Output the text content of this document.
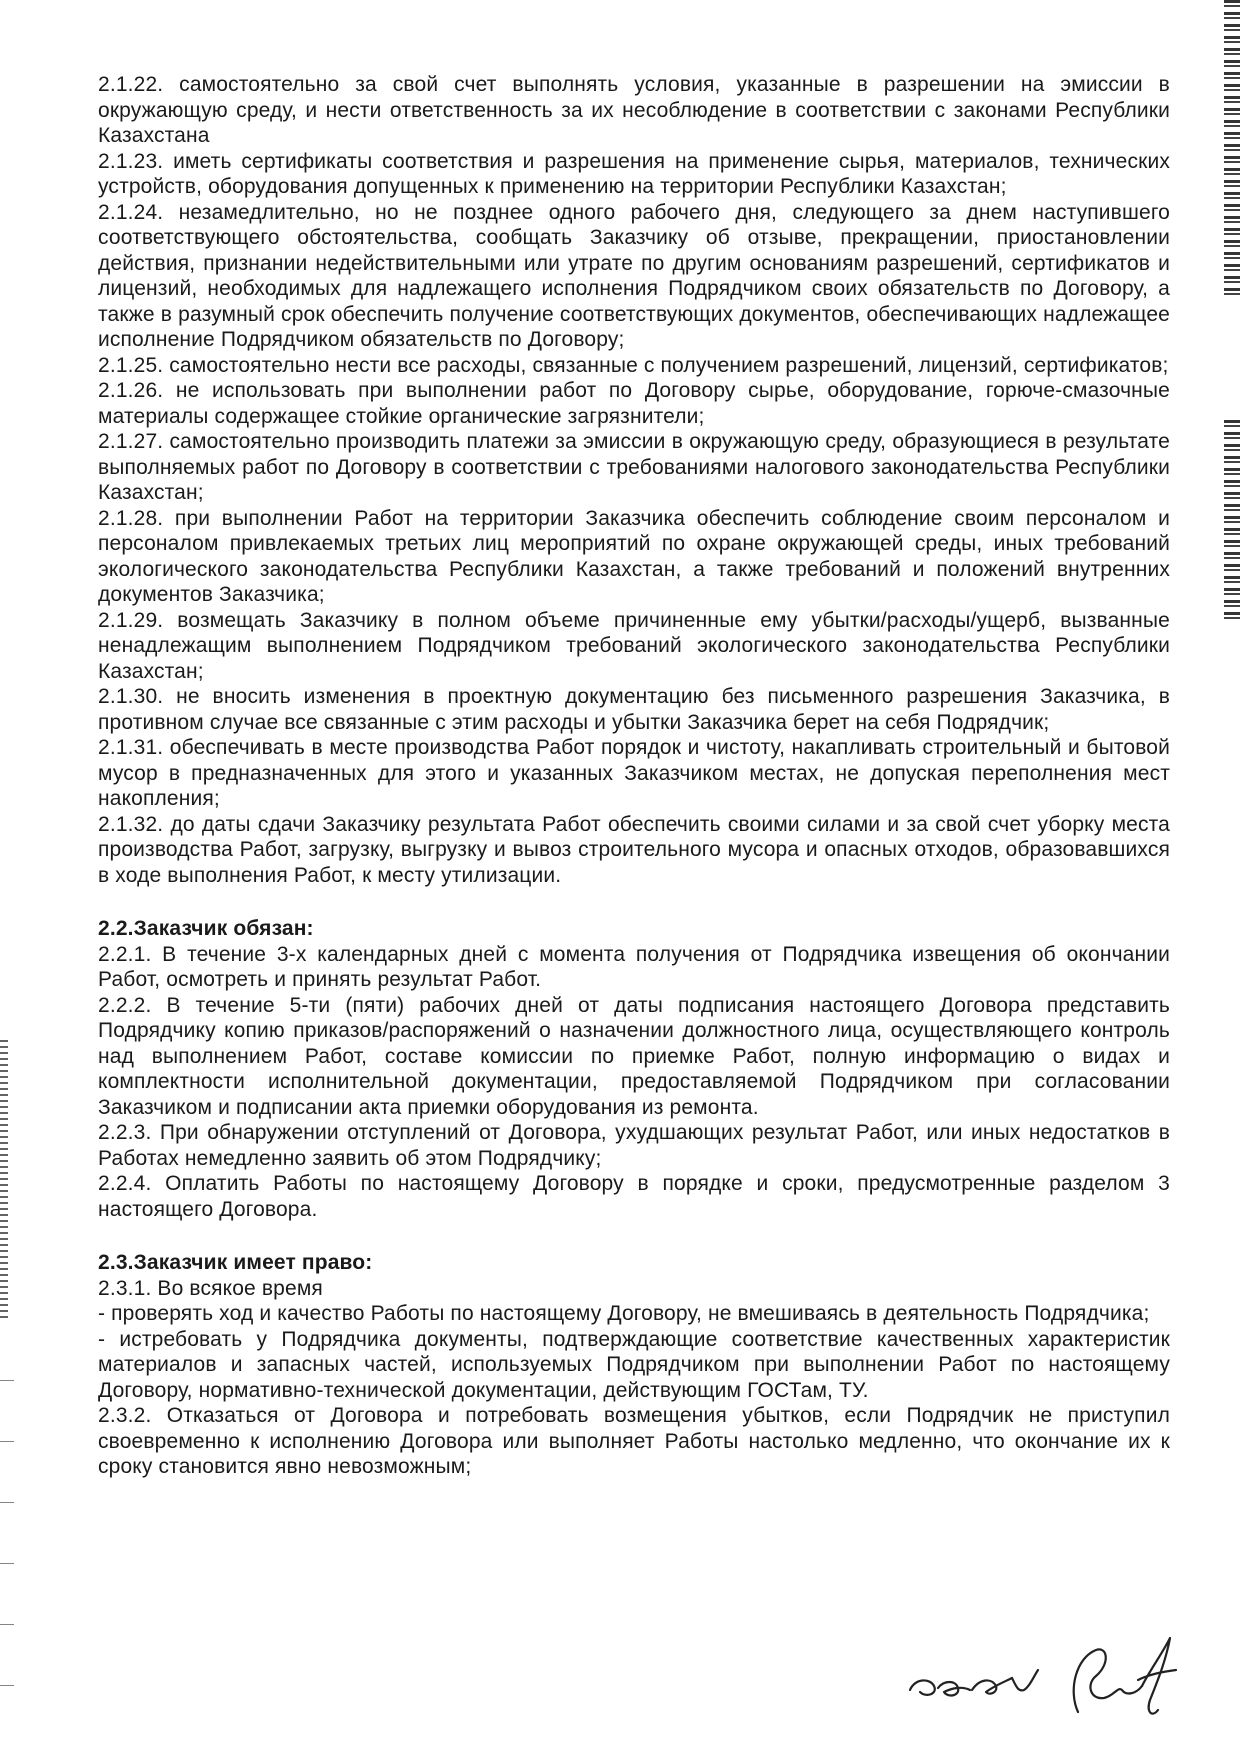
2.1.22. самостоятельно за свой счет выполнять условия, указанные в разрешении на эмиссии в окружающую среду, и нести ответственность за их несоблюдение в соответствии с законами Республики Казахстана

2.1.23. иметь сертификаты соответствия и разрешения на применение сырья, материалов, технических устройств, оборудования допущенных к применению на территории Республики Казахстан;

2.1.24. незамедлительно, но не позднее одного рабочего дня, следующего за днем наступившего соответствующего обстоятельства, сообщать Заказчику об отзыве, прекращении, приостановлении действия, признании недействительными или утрате по другим основаниям разрешений, сертификатов и лицензий, необходимых для надлежащего исполнения Подрядчиком своих обязательств по Договору, а также в разумный срок обеспечить получение соответствующих документов, обеспечивающих надлежащее исполнение Подрядчиком обязательств по Договору;

2.1.25. самостоятельно нести все расходы, связанные с получением разрешений, лицензий, сертификатов;

2.1.26. не использовать при выполнении работ по Договору сырье, оборудование, горюче-смазочные материалы содержащее стойкие органические загрязнители;

2.1.27. самостоятельно производить платежи за эмиссии в окружающую среду, образующиеся в результате выполняемых работ по Договору в соответствии с требованиями налогового законодательства Республики Казахстан;

2.1.28. при выполнении Работ на территории Заказчика обеспечить соблюдение своим персоналом и персоналом привлекаемых третьих лиц мероприятий по охране окружающей среды, иных требований экологического законодательства Республики Казахстан, а также требований и положений внутренних документов Заказчика;

2.1.29. возмещать Заказчику в полном объеме причиненные ему убытки/расходы/ущерб, вызванные ненадлежащим выполнением Подрядчиком требований экологического законодательства Республики Казахстан;

2.1.30. не вносить изменения в проектную документацию без письменного разрешения Заказчика, в противном случае все связанные с этим расходы и убытки Заказчика берет на себя Подрядчик;

2.1.31. обеспечивать в месте производства Работ порядок и чистоту, накапливать строительный и бытовой мусор в предназначенных для этого и указанных Заказчиком местах, не допуская переполнения мест накопления;

2.1.32. до даты сдачи Заказчику результата Работ обеспечить своими силами и за свой счет уборку места производства Работ, загрузку, выгрузку и вывоз строительного мусора и опасных отходов, образовавшихся в ходе выполнения Работ, к месту утилизации.

2.2.Заказчик обязан:

2.2.1. В течение 3-х календарных дней с момента получения от Подрядчика извещения об окончании Работ, осмотреть и принять результат Работ.

2.2.2. В течение 5-ти (пяти) рабочих дней от даты подписания настоящего Договора представить Подрядчику копию приказов/распоряжений о назначении должностного лица, осуществляющего контроль над выполнением Работ, составе комиссии по приемке Работ, полную информацию о видах и комплектности исполнительной документации, предоставляемой Подрядчиком при согласовании Заказчиком и подписании акта приемки оборудования из ремонта.

2.2.3. При обнаружении отступлений от Договора, ухудшающих результат Работ, или иных недостатков в Работах немедленно заявить об этом Подрядчику;

2.2.4. Оплатить Работы по настоящему Договору в порядке и сроки, предусмотренные разделом 3 настоящего Договора.

2.3.Заказчик имеет право:

2.3.1. Во всякое время

- проверять ход и качество Работы по настоящему Договору, не вмешиваясь в деятельность Подрядчика;

- истребовать у Подрядчика документы, подтверждающие соответствие качественных характеристик материалов и запасных частей, используемых Подрядчиком при выполнении Работ по настоящему Договору, нормативно-технической документации, действующим ГОСТам, ТУ.

2.3.2. Отказаться от Договора и потребовать возмещения убытков, если Подрядчик не приступил своевременно к исполнению Договора или выполняет Работы настолько медленно, что окончание их к сроку становится явно невозможным;
